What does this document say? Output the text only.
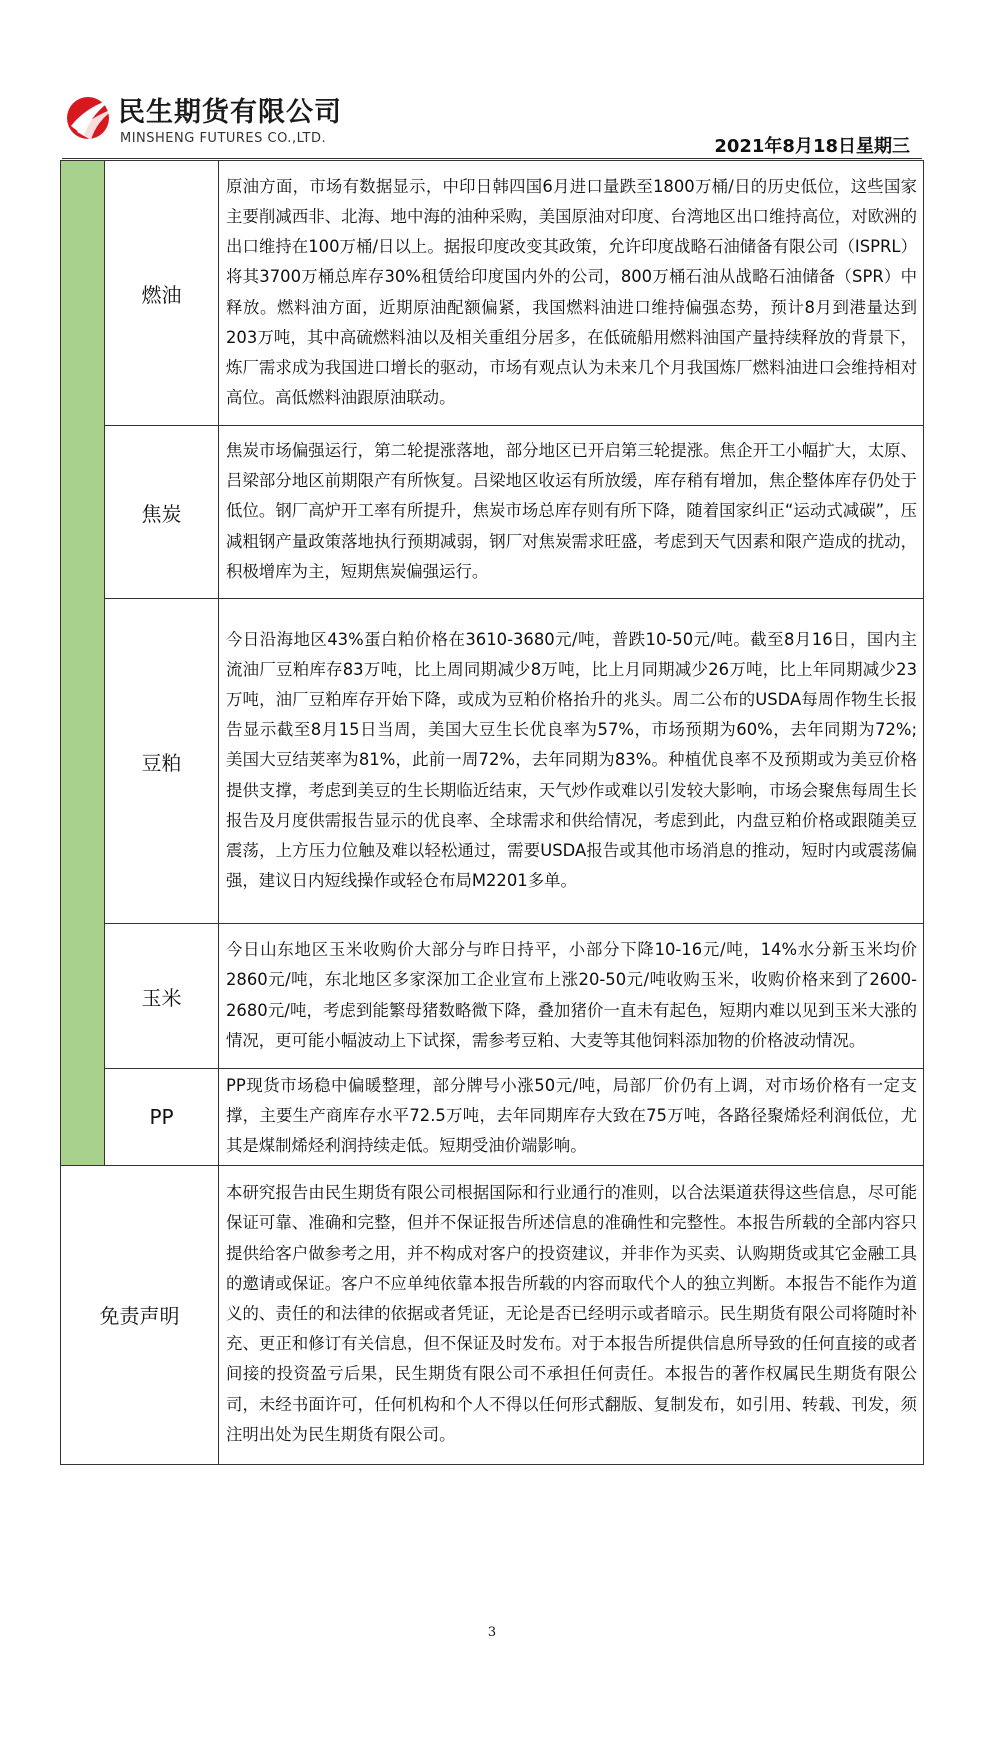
民生期货有限公司
MINSHENG FUTURES CO.,LTD.	2021年8月18日星期三
	燃油	原油方面，市场有数据显示，中印日韩四国6月进口量跌至1800万桶/日的历史低位，这些国家主要削减西非、北海、地中海的油种采购，美国原油对印度、台湾地区出口维持高位，对欧洲的出口维持在100万桶/日以上。据报印度改变其政策，允许印度战略石油储备有限公司（ISPRL）将其3700万桶总库存30%租赁给印度国内外的公司，800万桶石油从战略石油储备（SPR）中释放。燃料油方面，近期原油配额偏紧，我国燃料油进口维持偏强态势，预计8月到港量达到203万吨，其中高硫燃料油以及相关重组分居多，在低硫船用燃料油国产量持续释放的背景下，炼厂需求成为我国进口增长的驱动，市场有观点认为未来几个月我国炼厂燃料油进口会维持相对高位。高低燃料油跟原油联动。
	焦炭	焦炭市场偏强运行，第二轮提涨落地，部分地区已开启第三轮提涨。焦企开工小幅扩大，太原、吕梁部分地区前期限产有所恢复。吕梁地区收运有所放缓，库存稍有增加，焦企整体库存仍处于低位。钢厂高炉开工率有所提升，焦炭市场总库存则有所下降，随着国家纠正“运动式减碳”，压减粗钢产量政策落地执行预期减弱，钢厂对焦炭需求旺盛，考虑到天气因素和限产造成的扰动，积极增库为主，短期焦炭偏强运行。
	豆粕	今日沿海地区43%蛋白粕价格在3610-3680元/吨，普跌10-50元/吨。截至8月16日，国内主流油厂豆粕库存83万吨，比上周同期减少8万吨，比上月同期减少26万吨，比上年同期减少23万吨，油厂豆粕库存开始下降，或成为豆粕价格抬升的兆头。周二公布的USDA每周作物生长报告显示截至8月15日当周，美国大豆生长优良率为57%，市场预期为60%，去年同期为72%; 美国大豆结荚率为81%，此前一周72%，去年同期为83%。种植优良率不及预期或为美豆价格提供支撑，考虑到美豆的生长期临近结束，天气炒作或难以引发较大影响，市场会聚焦每周生长报告及月度供需报告显示的优良率、全球需求和供给情况，考虑到此，内盘豆粕价格或跟随美豆震荡，上方压力位触及难以轻松通过，需要USDA报告或其他市场消息的推动，短时内或震荡偏强，建议日内短线操作或轻仓布局M2201多单。
	玉米	今日山东地区玉米收购价大部分与昨日持平，小部分下降10-16元/吨，14%水分新玉米均价2860元/吨，东北地区多家深加工企业宣布上涨20-50元/吨收购玉米，收购价格来到了2600-2680元/吨，考虑到能繁母猪数略微下降，叠加猪价一直未有起色，短期内难以见到玉米大涨的情况，更可能小幅波动上下试探，需参考豆粕、大麦等其他饲料添加物的价格波动情况。
	PP	PP现货市场稳中偏暖整理，部分牌号小涨50元/吨，局部厂价仍有上调，对市场价格有一定支撑，主要生产商库存水平72.5万吨，去年同期库存大致在75万吨，各路径聚烯烃利润低位，尤其是煤制烯烃利润持续走低。短期受油价端影响。
免责声明		本研究报告由民生期货有限公司根据国际和行业通行的准则，以合法渠道获得这些信息，尽可能保证可靠、准确和完整，但并不保证报告所述信息的准确性和完整性。本报告所载的全部内容只提供给客户做参考之用，并不构成对客户的投资建议，并非作为买卖、认购期货或其它金融工具的邀请或保证。客户不应单纯依靠本报告所载的内容而取代个人的独立判断。本报告不能作为道义的、责任的和法律的依据或者凭证，无论是否已经明示或者暗示。民生期货有限公司将随时补充、更正和修订有关信息，但不保证及时发布。对于本报告所提供信息所导致的任何直接的或者间接的投资盈亏后果，民生期货有限公司不承担任何责任。本报告的著作权属民生期货有限公司，未经书面许可，任何机构和个人不得以任何形式翻版、复制发布，如引用、转载、刊发，须注明出处为民生期货有限公司。
3
